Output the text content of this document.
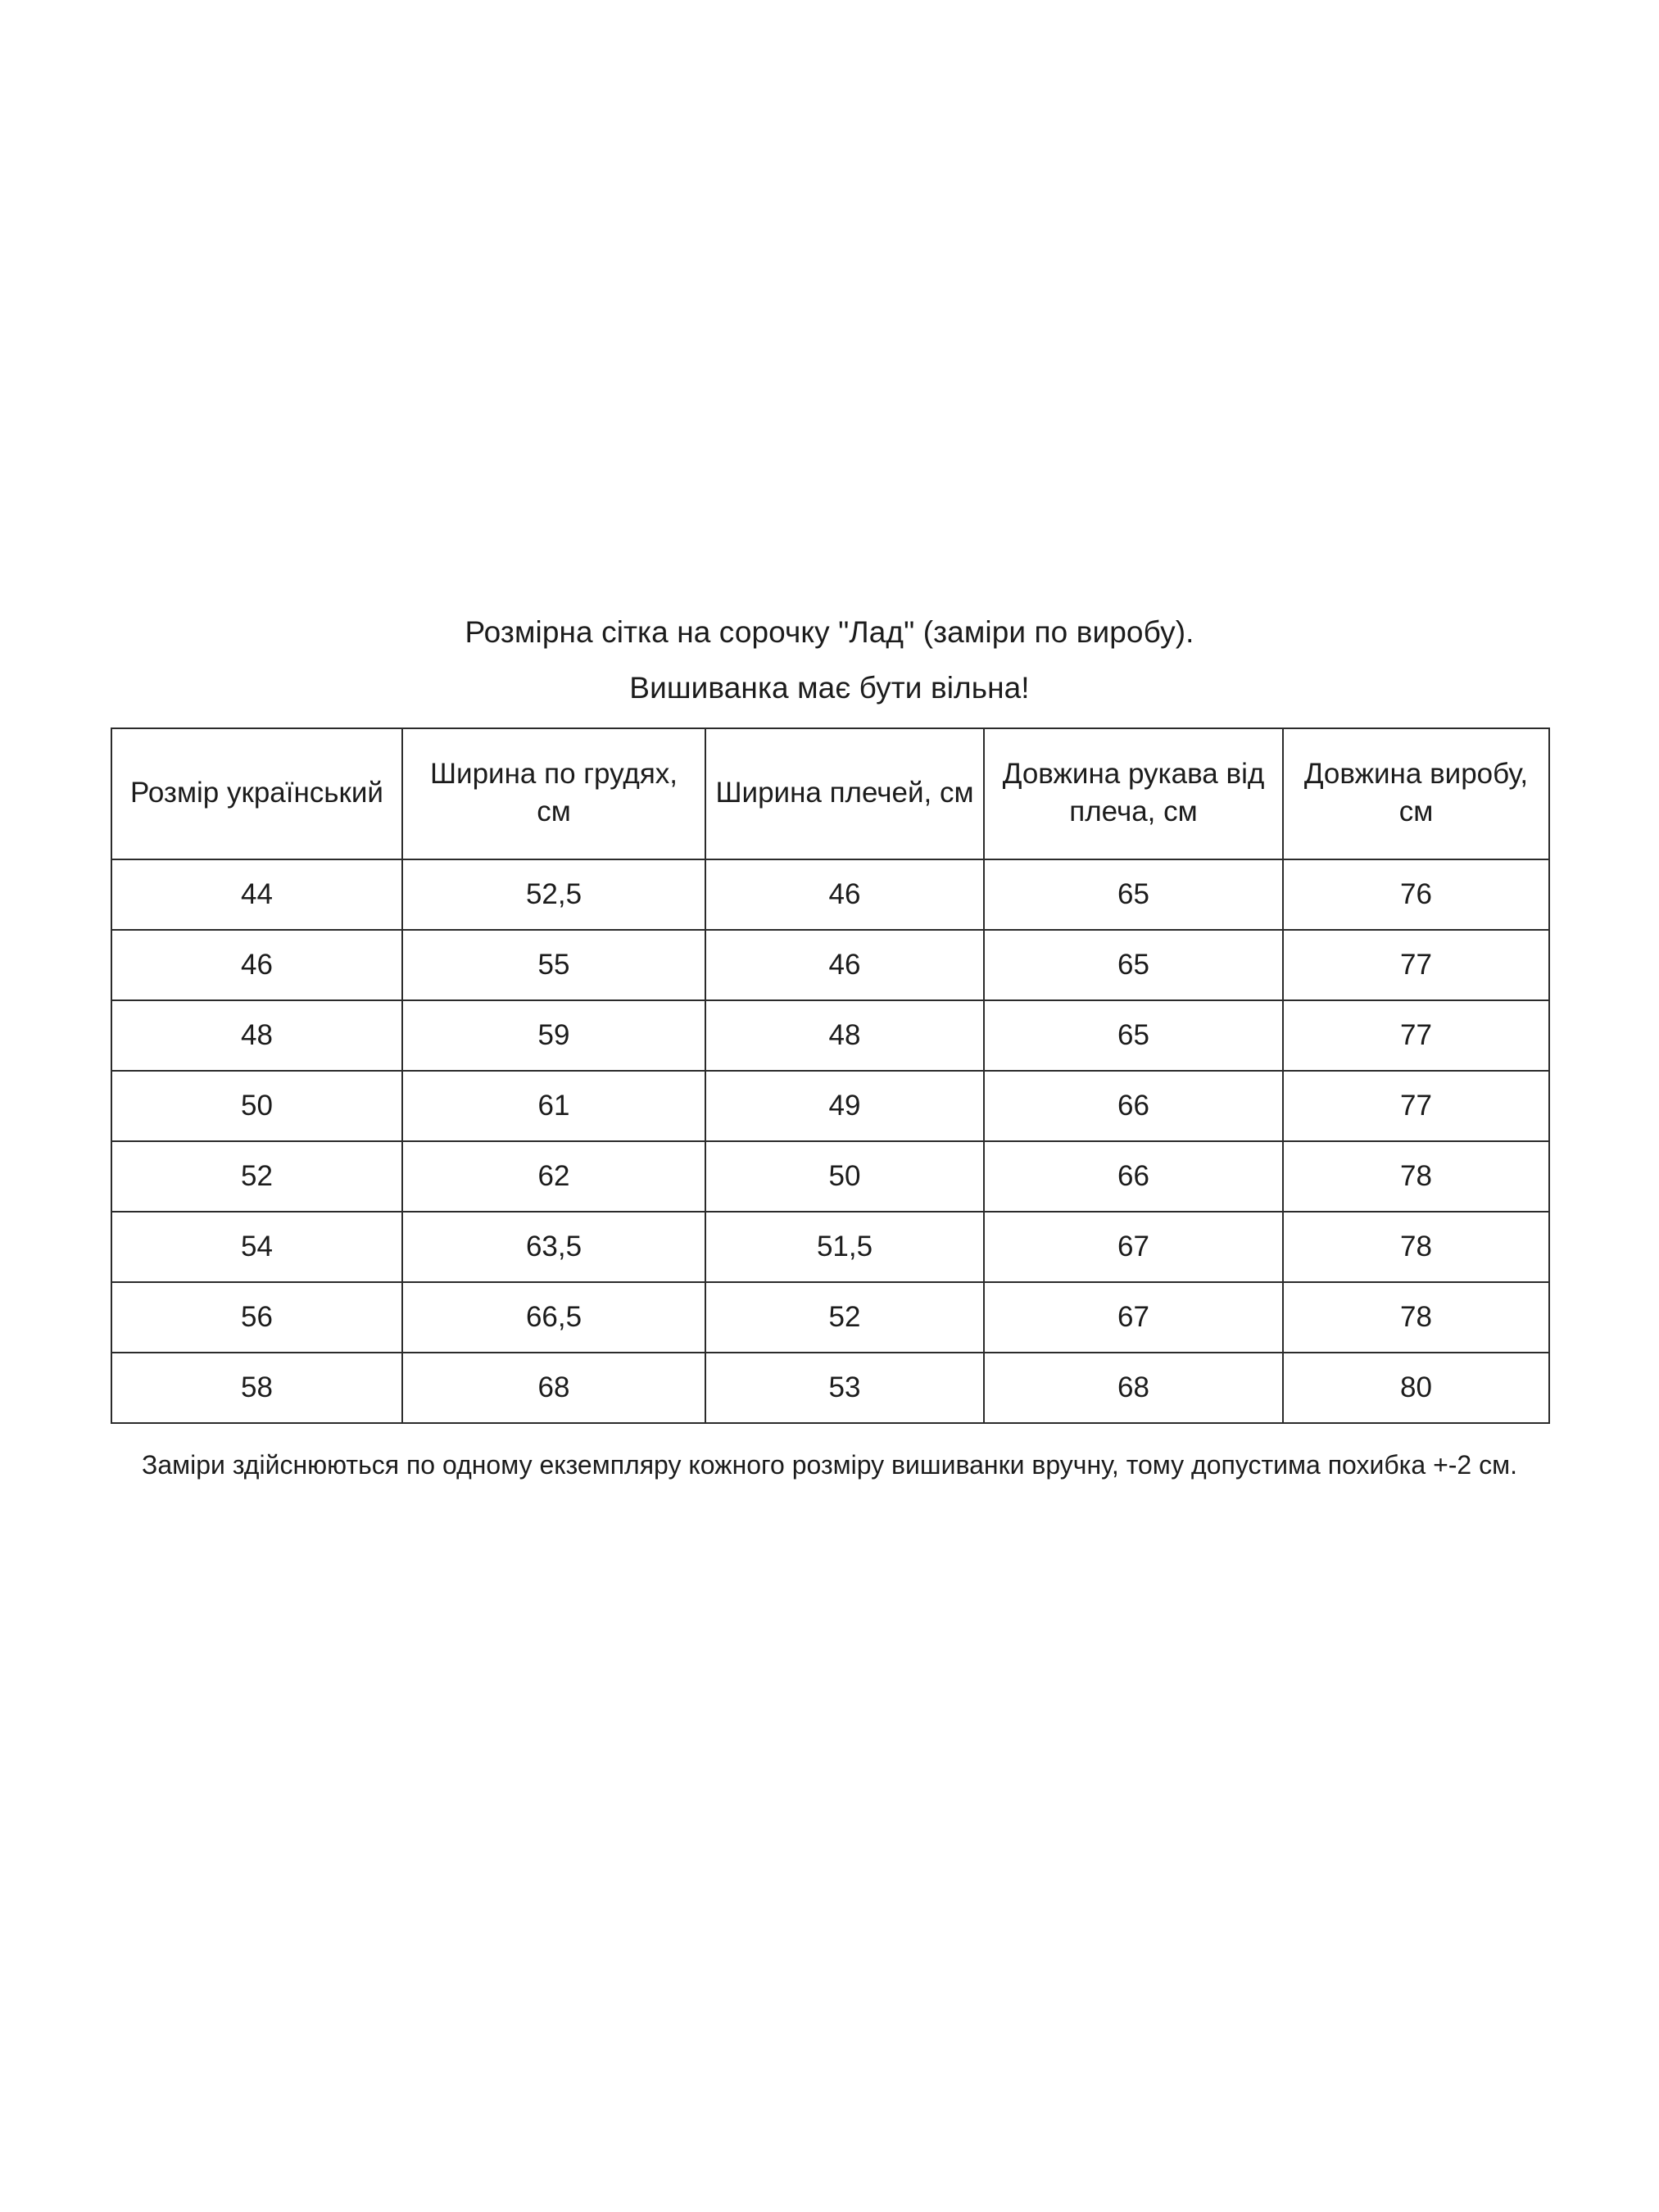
Розмірна сітка на сорочку "Лад" (заміри по виробу).
Вишиванка має бути вільна!
Розмір український	Ширина по грудях, см	Ширина плечей, см	Довжина рукава від плеча, см	Довжина виробу, см
44	52,5	46	65	76
46	55	46	65	77
48	59	48	65	77
50	61	49	66	77
52	62	50	66	78
54	63,5	51,5	67	78
56	66,5	52	67	78
58	68	53	68	80
Заміри здійснюються по одному екземпляру кожного розміру вишиванки вручну, тому допустима похибка +-2 см.
